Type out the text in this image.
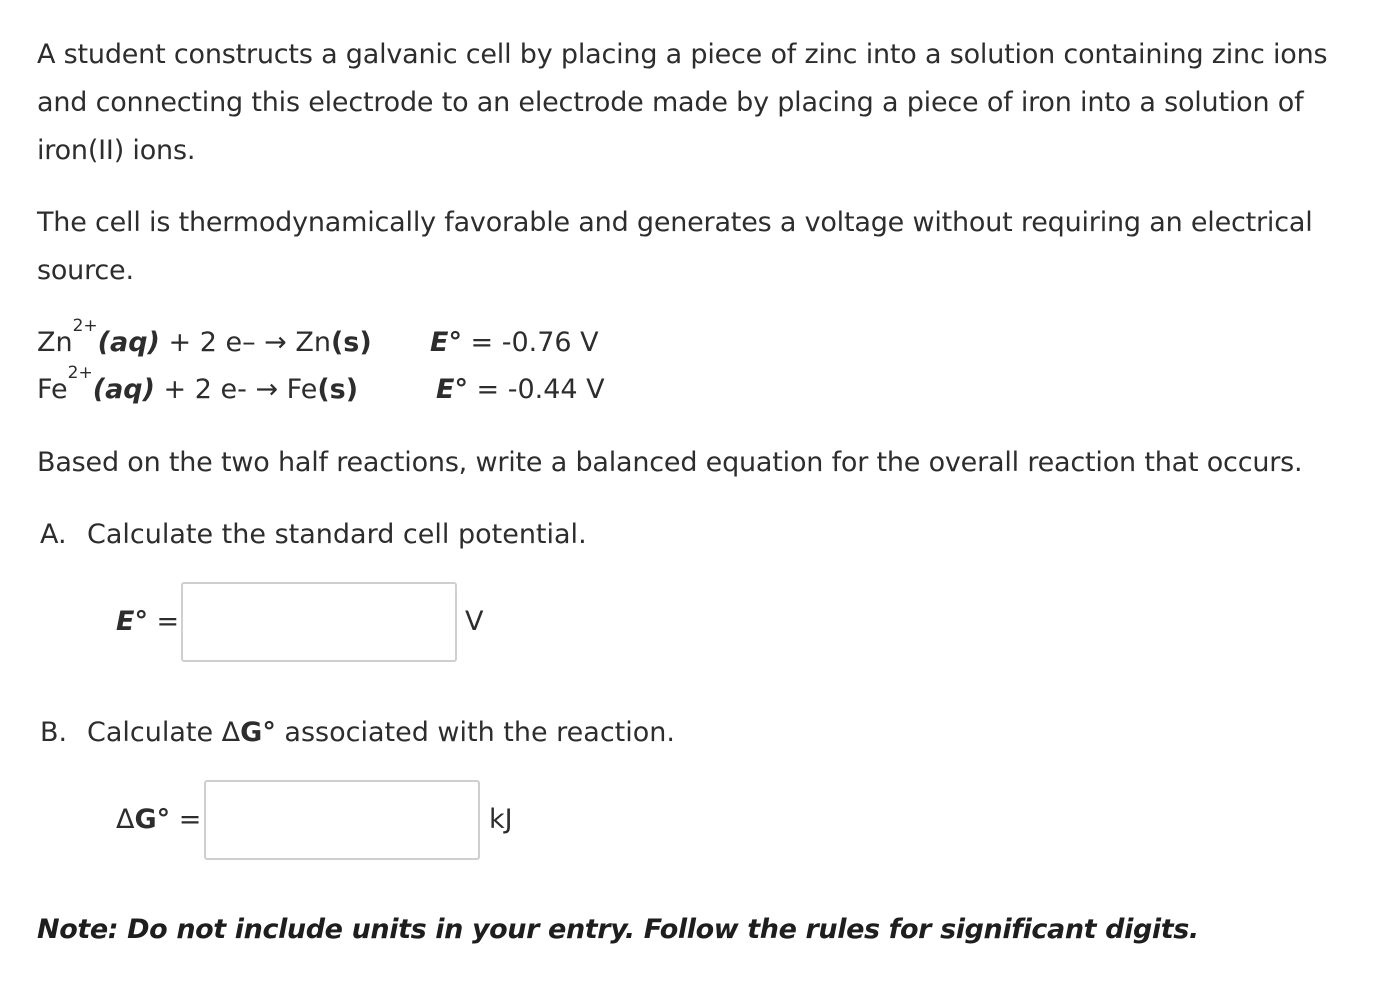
A student constructs a galvanic cell by placing a piece of zinc into a solution containing zinc ions and connecting this electrode to an electrode made by placing a piece of iron into a solution of iron(II) ions.

The cell is thermodynamically favorable and generates a voltage without requiring an electrical source.

$Zn^{2+}(aq) + 2$ e– → Zn(s) E° = -0.76 V
$Fe^{2+}(aq) + 2$ e- → Fe(s)	E° = -0.44 V
Based on the two half reactions, write a balanced equation for the overall reaction that occurs.
A. Calculate the standard cell potential.
E° =	V
B. Calculate ΔG° associated with the reaction.
ΔG° =	kJ
Note: Do not include units in your entry. Follow the rules for significant digits.
